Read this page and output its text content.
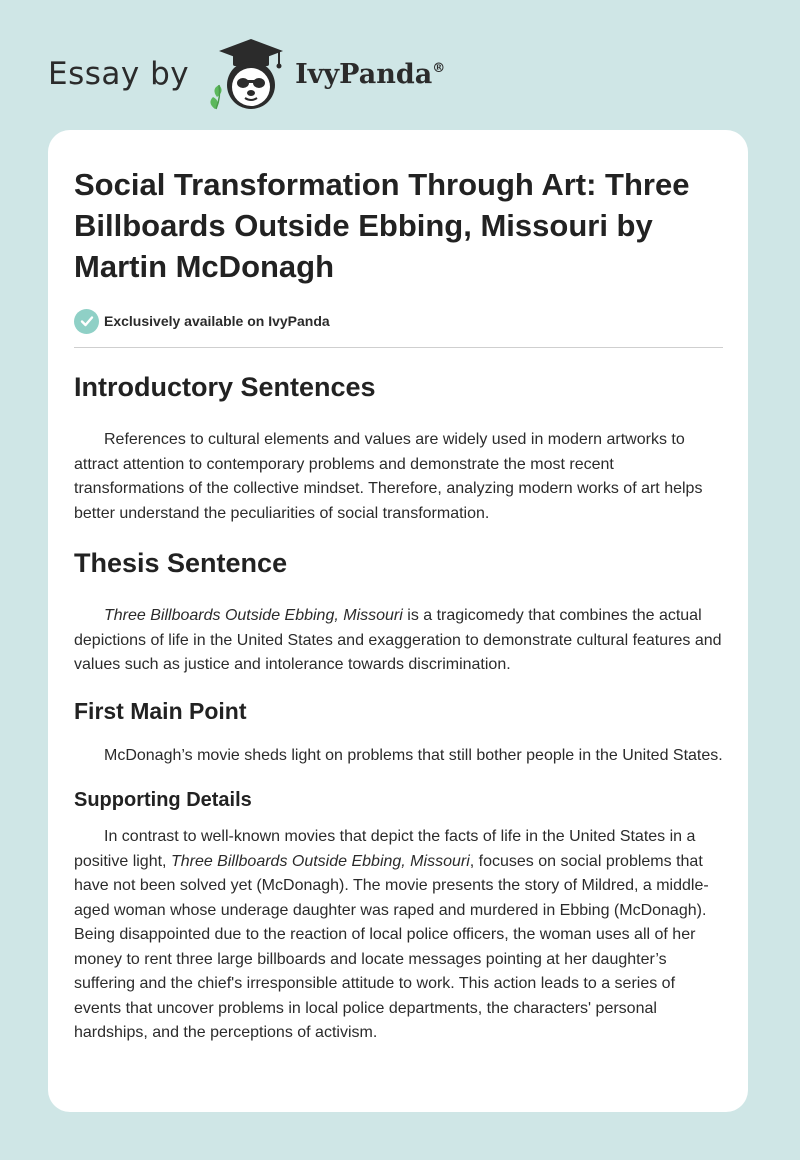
Essay by	IvyPanda®
Social Transformation Through Art: Three Billboards Outside Ebbing, Missouri by Martin McDonagh
Exclusively available on IvyPanda
Introductory Sentences

References to cultural elements and values are widely used in modern artworks to attract attention to contemporary problems and demonstrate the most recent transformations of the collective mindset. Therefore, analyzing modern works of art helps better understand the peculiarities of social transformation.

Thesis Sentence

Three Billboards Outside Ebbing, Missouri is a tragicomedy that combines the actual depictions of life in the United States and exaggeration to demonstrate cultural features and values such as justice and intolerance towards discrimination.

First Main Point

McDonagh’s movie sheds light on problems that still bother people in the United States.

Supporting Details

In contrast to well-known movies that depict the facts of life in the United States in a positive light, Three Billboards Outside Ebbing, Missouri, focuses on social problems that have not been solved yet (McDonagh). The movie presents the story of Mildred, a middle-aged woman whose underage daughter was raped and murdered in Ebbing (McDonagh). Being disappointed due to the reaction of local police officers, the woman uses all of her money to rent three large billboards and locate messages pointing at her daughter’s suffering and the chief's irresponsible attitude to work. This action leads to a series of events that uncover problems in local police departments, the characters' personal hardships, and the perceptions of activism.
